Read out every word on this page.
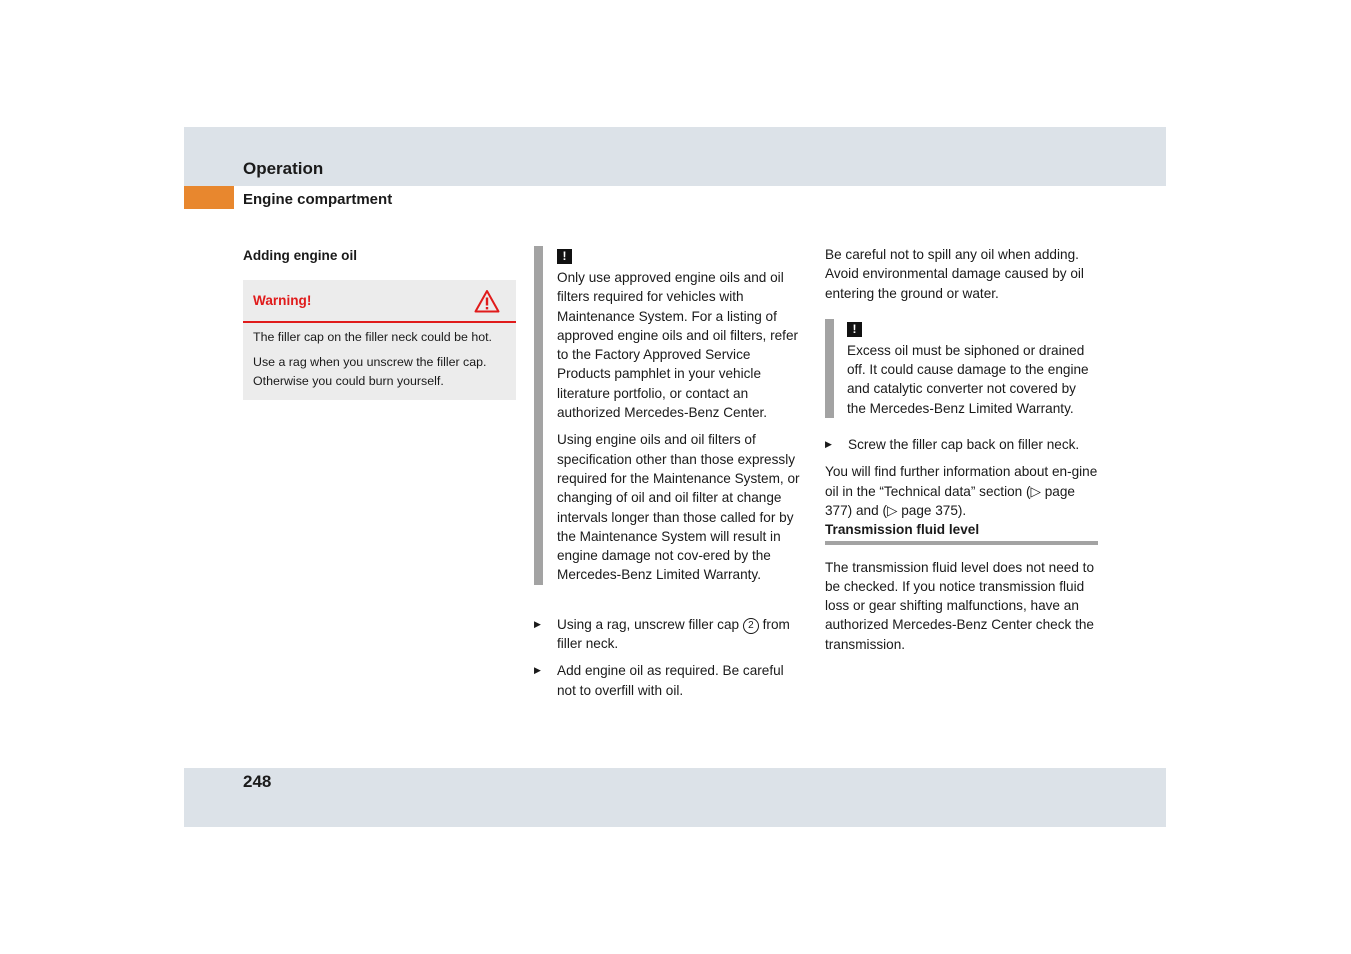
Operation
Engine compartment

Adding engine oil

Warning!

The filler cap on the filler neck could be hot.

Use a rag when you unscrew the filler cap. Otherwise you could burn yourself.

!

Only use approved engine oils and oil filters required for vehicles with Maintenance System. For a listing of approved engine oils and oil filters, refer to the Factory Approved Service Products pamphlet in your vehicle literature portfolio, or contact an authorized Mercedes-Benz Center.

Using engine oils and oil filters of specification other than those expressly required for the Maintenance System, or changing of oil and oil filter at change intervals longer than those called for by the Maintenance System will result in engine damage not cov-ered by the Mercedes-Benz Limited Warranty.

▶	Using a rag, unscrew filler cap 2 from filler neck.

▶	Add engine oil as required. Be careful not to overfill with oil.

Be careful not to spill any oil when adding. Avoid environmental damage caused by oil entering the ground or water.

!

Excess oil must be siphoned or drained off. It could cause damage to the engine and catalytic converter not covered by the Mercedes-Benz Limited Warranty.

▶	Screw the filler cap back on filler neck.

You will find further information about en-gine oil in the “Technical data” section (▷ page 377) and (▷ page 375).

Transmission fluid level

The transmission fluid level does not need to be checked. If you notice transmission fluid loss or gear shifting malfunctions, have an authorized Mercedes-Benz Center check the transmission.

248
